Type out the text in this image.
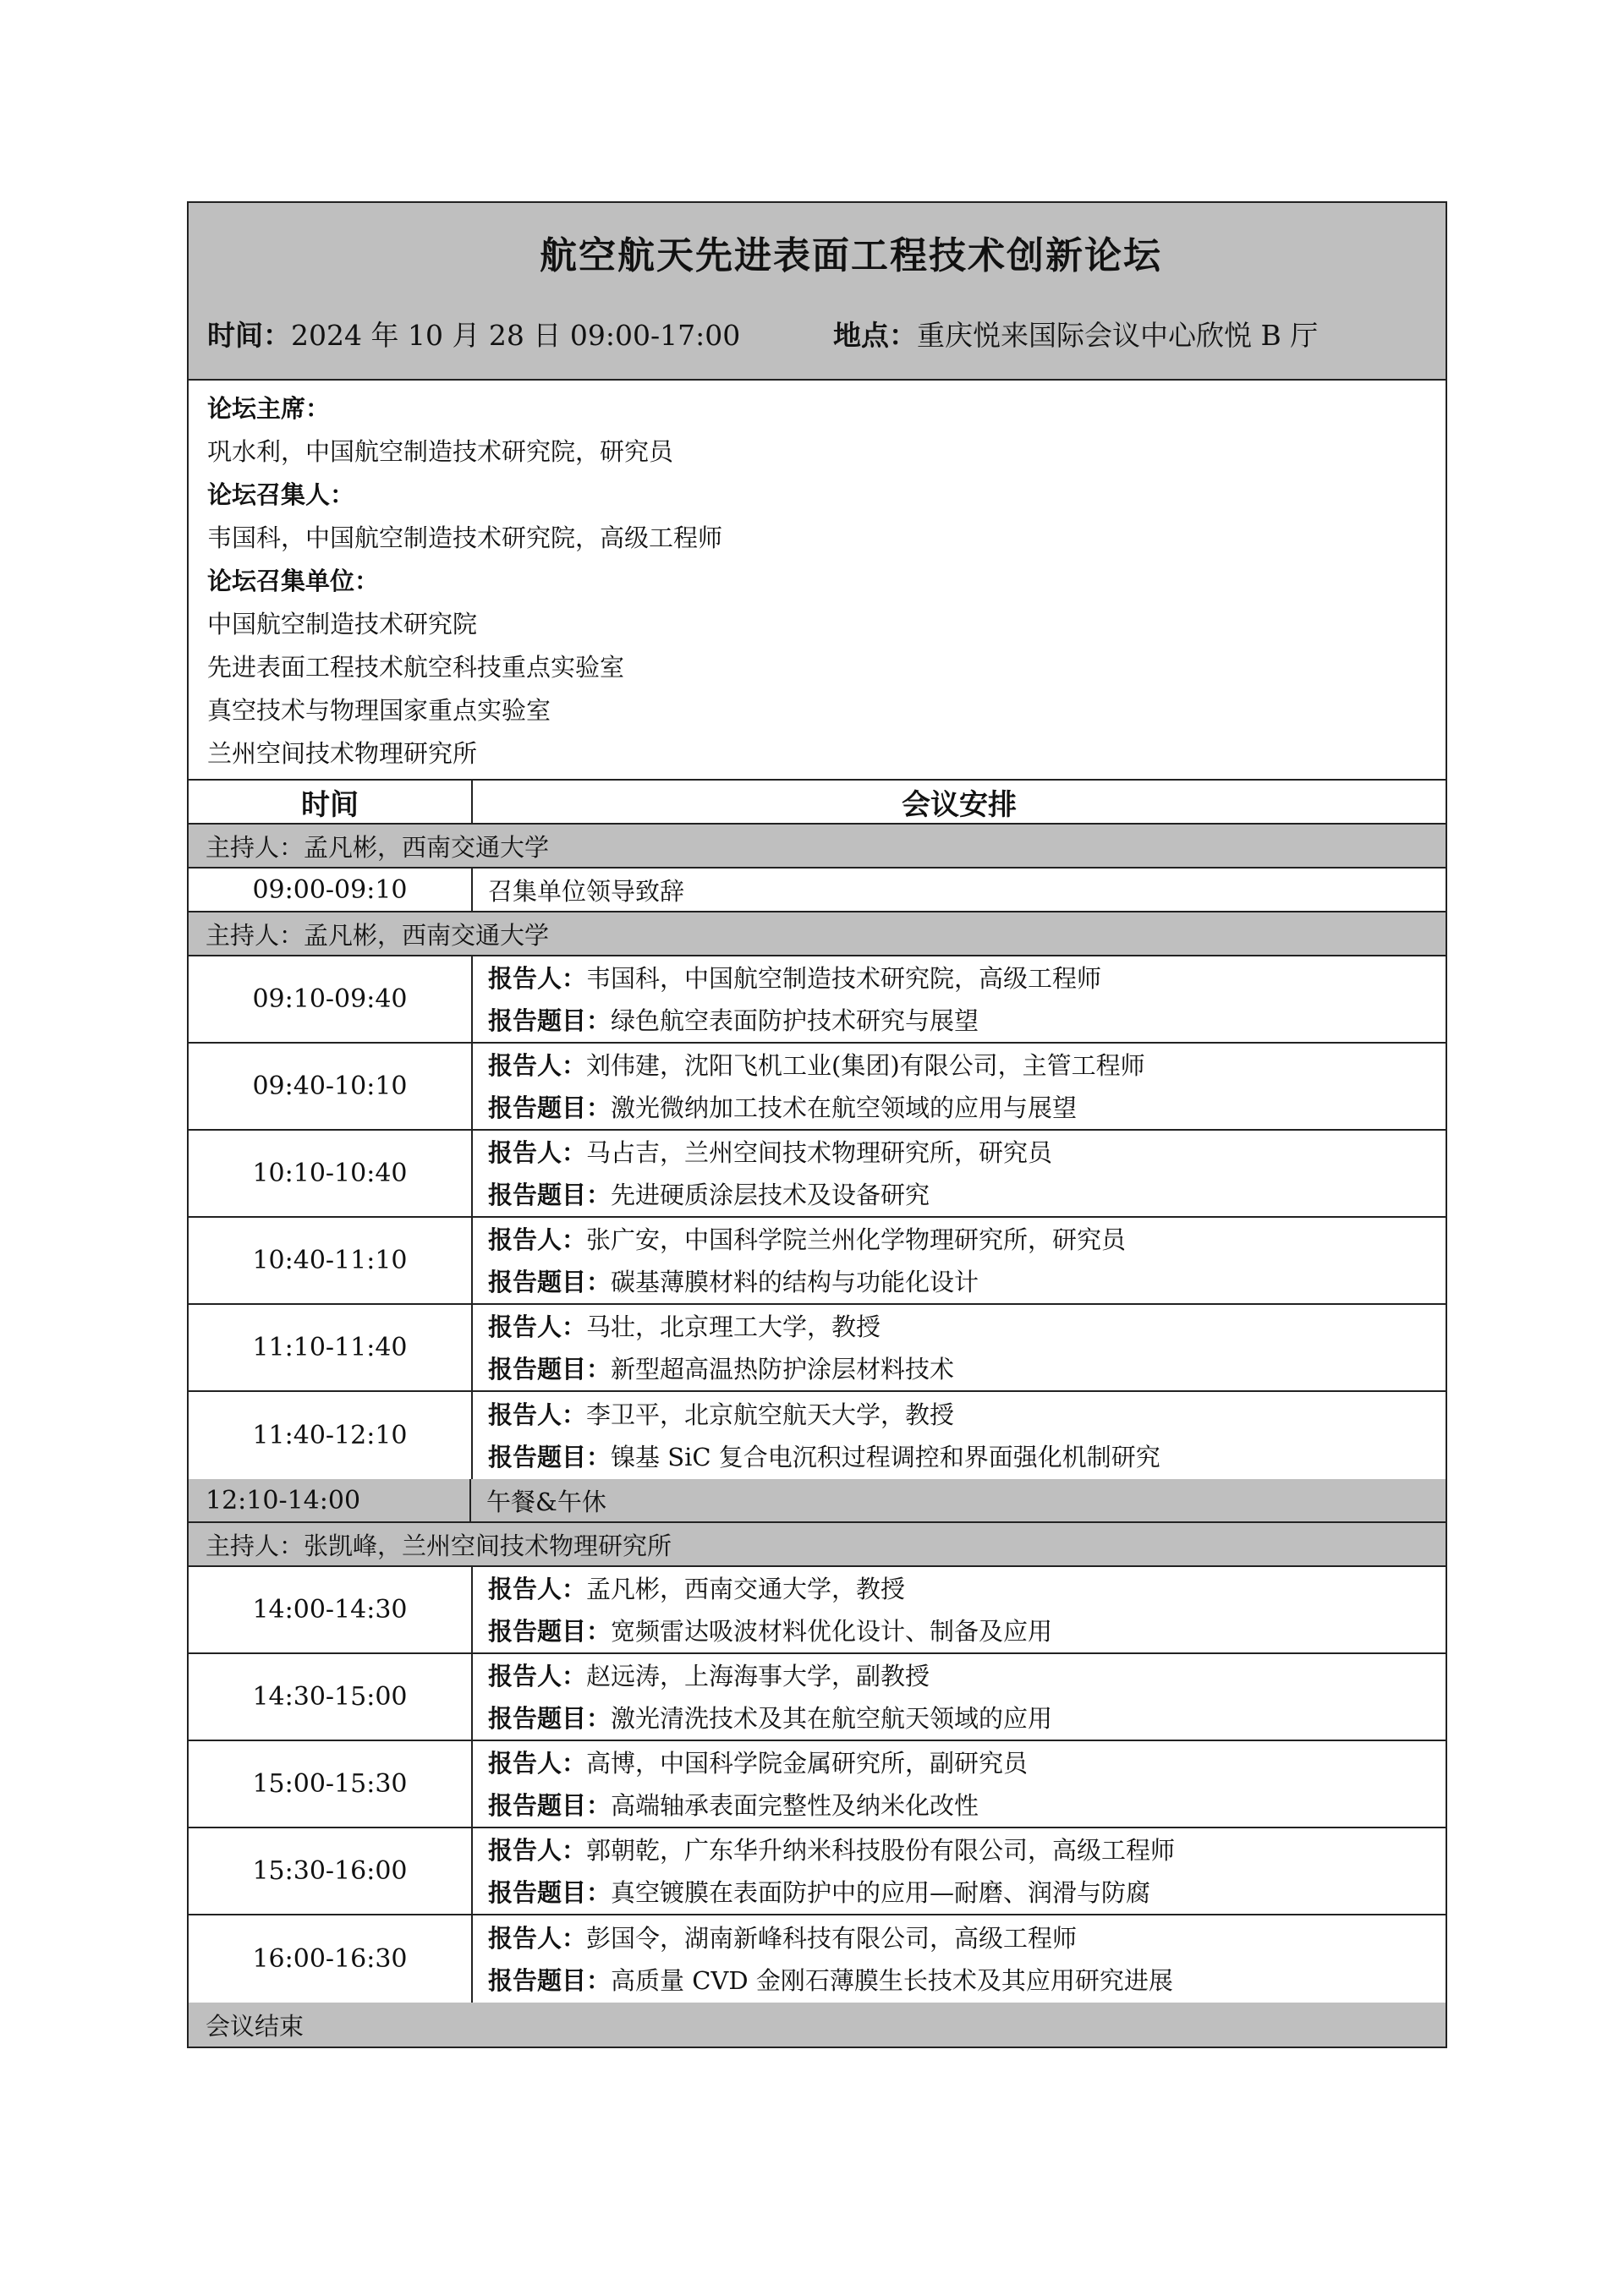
航空航天先进表面工程技术创新论坛
时间：2024 年 10 月 28 日 09:00-17:00	地点：重庆悦来国际会议中心欣悦 B 厅
论坛主席：
巩水利，中国航空制造技术研究院，研究员
论坛召集人：
韦国科，中国航空制造技术研究院，高级工程师
论坛召集单位：
中国航空制造技术研究院
先进表面工程技术航空科技重点实验室
真空技术与物理国家重点实验室
兰州空间技术物理研究所
时间	会议安排
主持人：孟凡彬，西南交通大学
09:00-09:10	召集单位领导致辞
主持人：孟凡彬，西南交通大学
09:10-09:40
报告人：韦国科，中国航空制造技术研究院，高级工程师
报告题目：绿色航空表面防护技术研究与展望
09:40-10:10
报告人：刘伟建，沈阳飞机工业(集团)有限公司，主管工程师
报告题目：激光微纳加工技术在航空领域的应用与展望
10:10-10:40
报告人：马占吉，兰州空间技术物理研究所，研究员
报告题目：先进硬质涂层技术及设备研究
10:40-11:10
报告人：张广安，中国科学院兰州化学物理研究所，研究员
报告题目：碳基薄膜材料的结构与功能化设计
11:10-11:40
报告人：马壮，北京理工大学，教授
报告题目：新型超高温热防护涂层材料技术
11:40-12:10
报告人：李卫平，北京航空航天大学，教授
报告题目：镍基 SiC 复合电沉积过程调控和界面强化机制研究
12:10-14:00	午餐&午休
主持人：张凯峰，兰州空间技术物理研究所
14:00-14:30
报告人：孟凡彬，西南交通大学，教授
报告题目：宽频雷达吸波材料优化设计、制备及应用
14:30-15:00
报告人：赵远涛，上海海事大学，副教授
报告题目：激光清洗技术及其在航空航天领域的应用
15:00-15:30
报告人：高博，中国科学院金属研究所，副研究员
报告题目：高端轴承表面完整性及纳米化改性
15:30-16:00
报告人：郭朝乾，广东华升纳米科技股份有限公司，高级工程师
报告题目：真空镀膜在表面防护中的应用—耐磨、润滑与防腐
16:00-16:30
报告人：彭国令，湖南新峰科技有限公司，高级工程师
报告题目：高质量 CVD 金刚石薄膜生长技术及其应用研究进展
会议结束
